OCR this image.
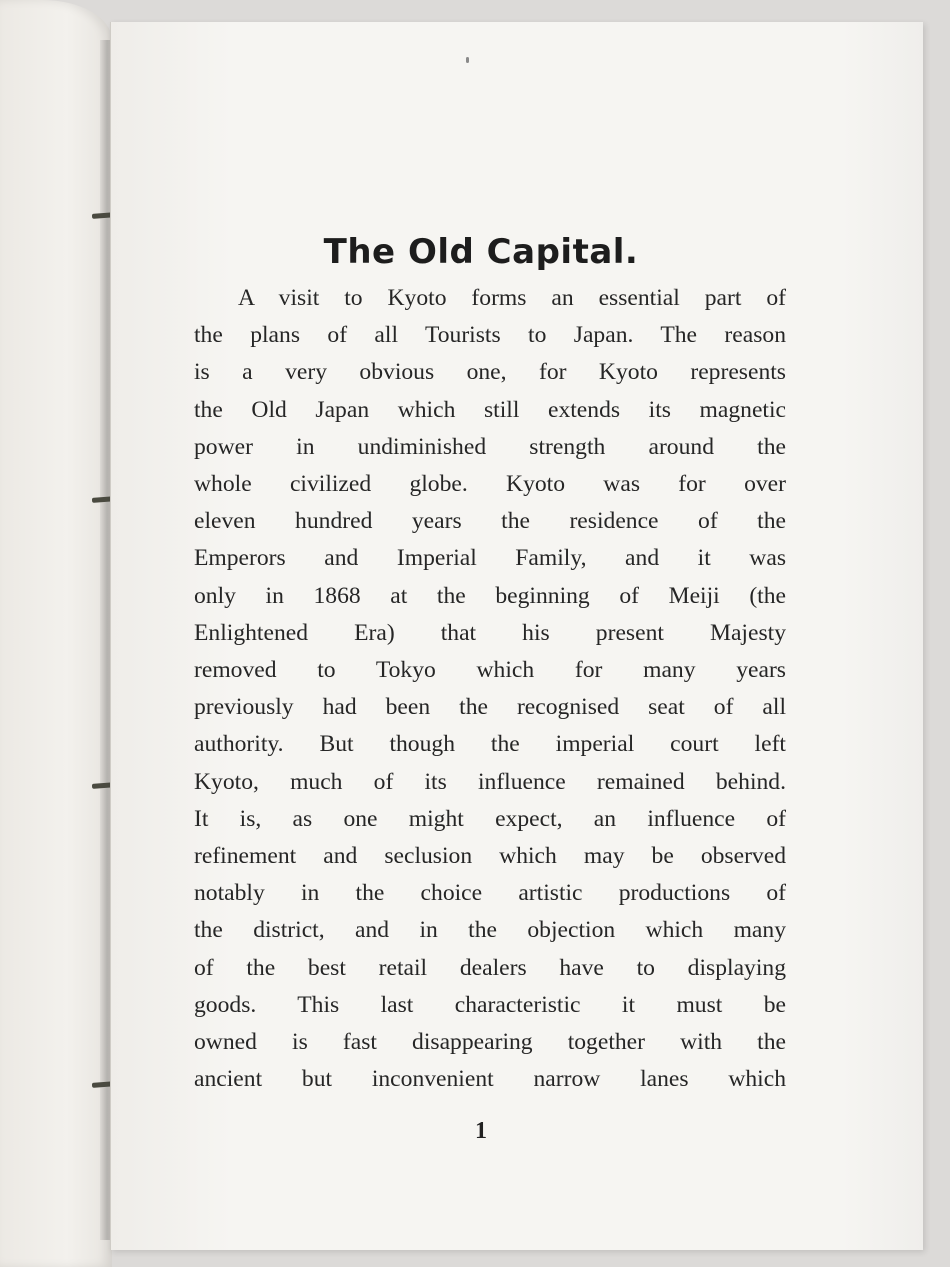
The Old Capital.
A visit to Kyoto forms an essential part of
the plans of all Tourists to Japan. The reason
is a very obvious one, for Kyoto represents
the Old Japan which still extends its magnetic
power in undiminished strength around the
whole civilized globe. Kyoto was for over
eleven hundred years the residence of the
Emperors and Imperial Family, and it was
only in 1868 at the beginning of Meiji (the
Enlightened Era) that his present Majesty
removed to Tokyo which for many years
previously had been the recognised seat of all
authority. But though the imperial court left
Kyoto, much of its influence remained behind.
It is, as one might expect, an influence of
refinement and seclusion which may be observed
notably in the choice artistic productions of
the district, and in the objection which many
of the best retail dealers have to displaying
goods. This last characteristic it must be
owned is fast disappearing together with the
ancient but inconvenient narrow lanes which
1
